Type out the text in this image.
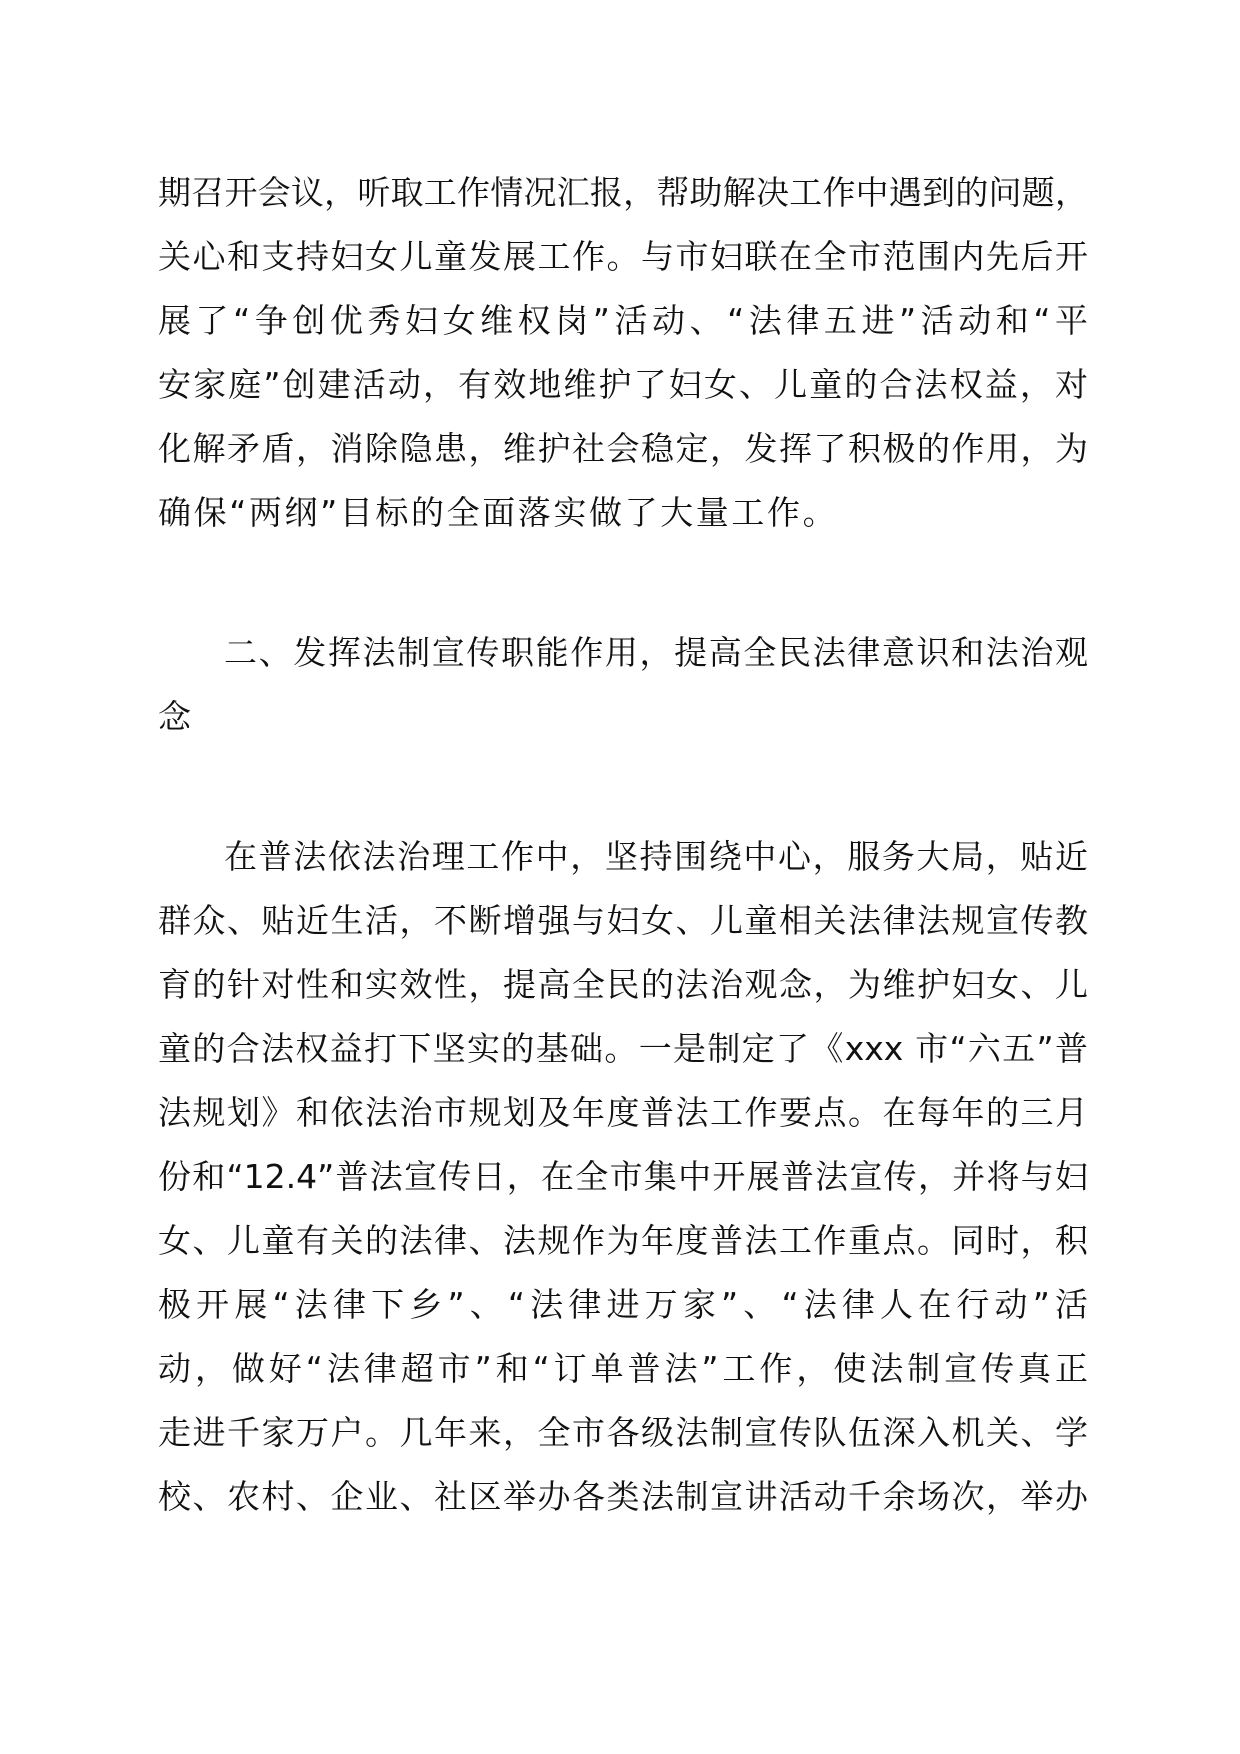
期召开会议，听取工作情况汇报，帮助解决工作中遇到的问题，
关心和支持妇女儿童发展工作。与市妇联在全市范围内先后开
展了“争创优秀妇女维权岗”活动、“法律五进”活动和“平
安家庭”创建活动，有效地维护了妇女、儿童的合法权益，对
化解矛盾，消除隐患，维护社会稳定，发挥了积极的作用，为
确保“两纲”目标的全面落实做了大量工作。
二、发挥法制宣传职能作用，提高全民法律意识和法治观
念
在普法依法治理工作中，坚持围绕中心，服务大局，贴近
群众、贴近生活，不断增强与妇女、儿童相关法律法规宣传教
育的针对性和实效性，提高全民的法治观念，为维护妇女、儿
童的合法权益打下坚实的基础。一是制定了《xxx 市“六五”普
法规划》和依法治市规划及年度普法工作要点。在每年的三月
份和“12.4”普法宣传日，在全市集中开展普法宣传，并将与妇
女、儿童有关的法律、法规作为年度普法工作重点。同时，积
极开展“法律下乡”、“法律进万家”、“法律人在行动”活
动，做好“法律超市”和“订单普法”工作，使法制宣传真正
走进千家万户。几年来，全市各级法制宣传队伍深入机关、学
校、农村、企业、社区举办各类法制宣讲活动千余场次，举办
